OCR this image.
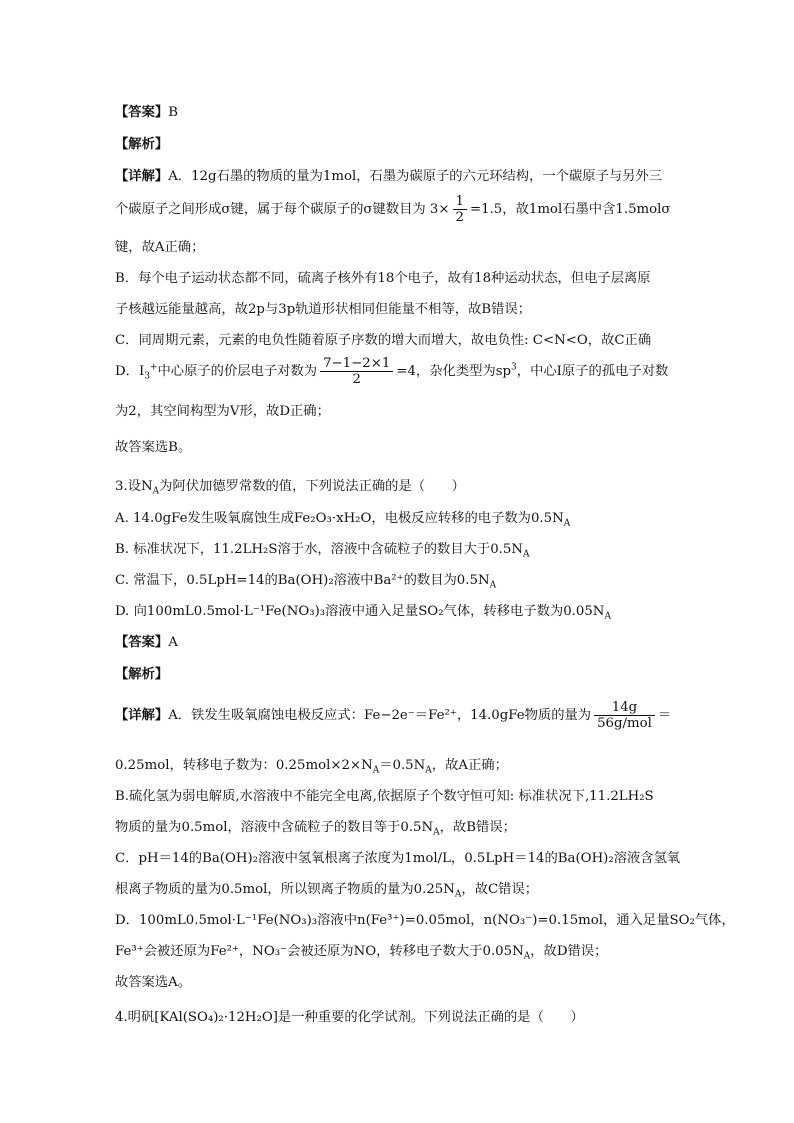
【答案】B
【解析】
【详解】A．12g石墨的物质的量为1mol，石墨为碳原子的六元环结构，一个碳原子与另外三
个碳原子之间形成σ键，属于每个碳原子的σ键数目为 $3\times \frac{1}{2} =1.5$，故1mol石墨中含1.5molσ
键，故A正确；
B．每个电子运动状态都不同，硫离子核外有18个电子，故有18种运动状态，但电子层离原
子核越远能量越高，故2p与3p轨道形状相同但能量不相等，故B错误；
C．同周期元素，元素的电负性随着原子序数的增大而增大，故电负性: C<N<O，故C正确
D．$I_3^+$中心原子的价层电子对数为 $\frac{7-1-2\times 1}{2} =4$，杂化类型为$sp^3$，中心I原子的孤电子对数
为2，其空间构型为V形，故D正确；
故答案选B。
3.设$N_A$为阿伏加德罗常数的值，下列说法正确的是（　　）
A. 14.0gFe发生吸氧腐蚀生成Fe₂O₃·xH₂O，电极反应转移的电子数为$0.5N_A$
B. 标准状况下，11.2LH₂S溶于水，溶液中含硫粒子的数目大于$0.5N_A$
C. 常温下，0.5LpH=14的Ba(OH)₂溶液中Ba²⁺的数目为$0.5N_A$
D. 向100mL0.5mol·L⁻¹Fe(NO₃)₃溶液中通入足量SO₂气体，转移电子数为$0.05N_A$
【答案】A
【解析】
【详解】A．铁发生吸氧腐蚀电极反应式：Fe−2e⁻＝Fe²⁺，14.0gFe物质的量为 $\frac{14g}{\text{56g/mol}}$ ＝
0.25mol，转移电子数为：$0.25mol\times 2\times N_A=0.5N_A$，故A正确；
B.硫化氢为弱电解质,水溶液中不能完全电离,依据原子个数守恒可知: 标准状况下,11.2LH₂S
物质的量为0.5mol，溶液中含硫粒子的数目等于$0.5N_A$，故B错误；
C．pH＝14的Ba(OH)₂溶液中氢氧根离子浓度为1mol/L，0.5LpH＝14的Ba(OH)₂溶液含氢氧
根离子物质的量为0.5mol，所以钡离子物质的量为$0.25N_A$，故C错误；
D．100mL0.5mol·L⁻¹Fe(NO₃)₃溶液中n(Fe³⁺)=0.05mol，n(NO₃⁻)=0.15mol，通入足量SO₂气体，
Fe³⁺会被还原为Fe²⁺，NO₃⁻会被还原为NO，转移电子数大于$0.05N_A$，故D错误；
故答案选A。
4.明矾[KAl(SO₄)₂·12H₂O]是一种重要的化学试剂。下列说法正确的是（　　）
